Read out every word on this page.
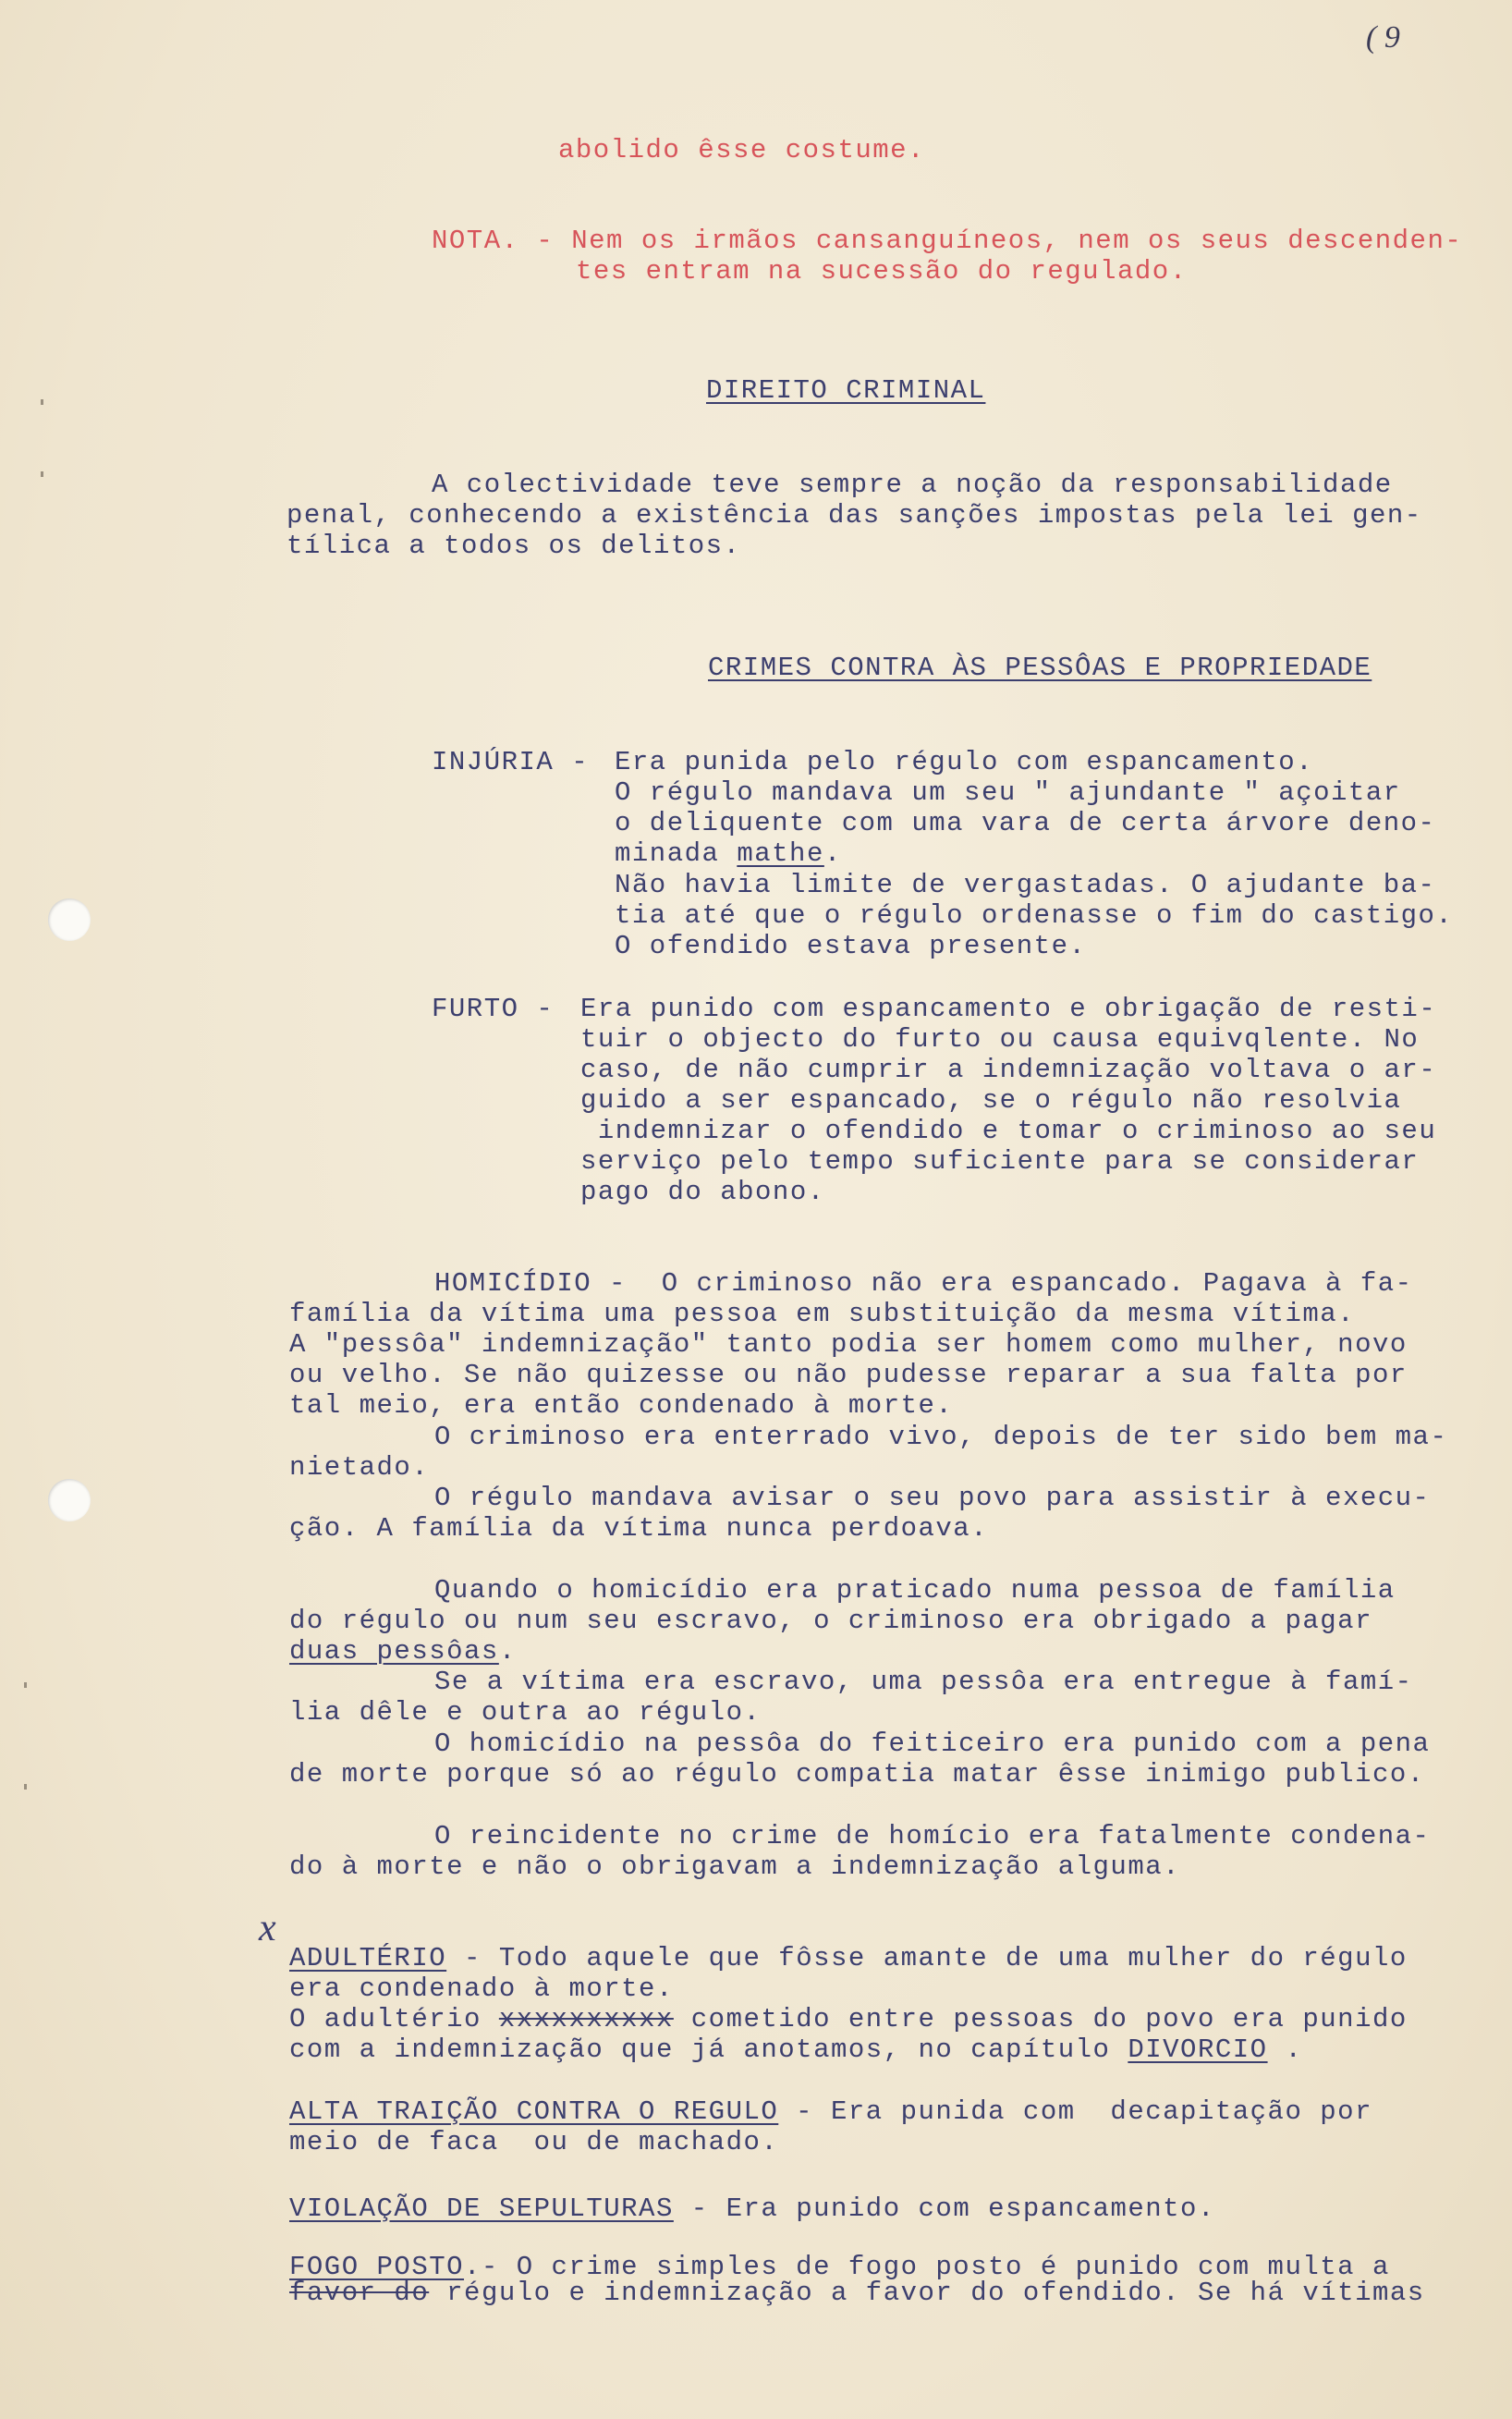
( 9

abolido êsse costume.

NOTA. - Nem os irmãos cansanguíneos, nem os seus descenden-

tes entram na sucessão do regulado.

DIREITO CRIMINAL

A colectividade teve sempre a noção da responsabilidade

penal, conhecendo a existência das sanções impostas pela lei gen-

tílica a todos os delitos.

CRIMES CONTRA ÀS PESSÔAS E PROPRIEDADE

INJÚRIA - Era punida pelo régulo com espancamento.

O régulo mandava um seu " ajundante " açoitar

o deliquente com uma vara de certa árvore deno-

minada mathe.

Não havia limite de vergastadas. O ajudante ba-

tia até que o régulo ordenasse o fim do castigo.

O ofendido estava presente.

FURTO - Era punido com espancamento e obrigação de resti-

tuir o objecto do furto ou causa equivqlente. No

caso, de não cumprir a indemnização voltava o ar-

guido a ser espancado, se o régulo não resolvia

indemnizar o ofendido e tomar o criminoso ao seu

serviço pelo tempo suficiente para se considerar

pago do abono.

HOMICÍDIO -  O criminoso não era espancado. Pagava à fa-

família da vítima uma pessoa em substituição da mesma vítima.

A "pessôa" indemnização" tanto podia ser homem como mulher, novo

ou velho. Se não quizesse ou não pudesse reparar a sua falta por

tal meio, era então condenado à morte.

O criminoso era enterrado vivo, depois de ter sido bem ma-

nietado.

O régulo mandava avisar o seu povo para assistir à execu-

ção. A família da vítima nunca perdoava.

Quando o homicídio era praticado numa pessoa de família

do régulo ou num seu escravo, o criminoso era obrigado a pagar

duas pessôas.

Se a vítima era escravo, uma pessôa era entregue à famí-

lia dêle e outra ao régulo.

O homicídio na pessôa do feiticeiro era punido com a pena

de morte porque só ao régulo compatia matar êsse inimigo publico.

O reincidente no crime de homício era fatalmente condena-

do à morte e não o obrigavam a indemnização alguma.

x

ADULTÉRIO - Todo aquele que fôsse amante de uma mulher do régulo

era condenado à morte.

O adultério xxxxxxxxxx cometido entre pessoas do povo era punido

com a indemnização que já anotamos, no capítulo DIVORCIO .

ALTA TRAIÇÃO CONTRA O REGULO - Era punida com  decapitação por

meio de faca  ou de machado.

VIOLAÇÃO DE SEPULTURAS - Era punido com espancamento.

FOGO POSTO.- O crime simples de fogo posto é punido com multa a

favor do régulo e indemnização a favor do ofendido. Se há vítimas
